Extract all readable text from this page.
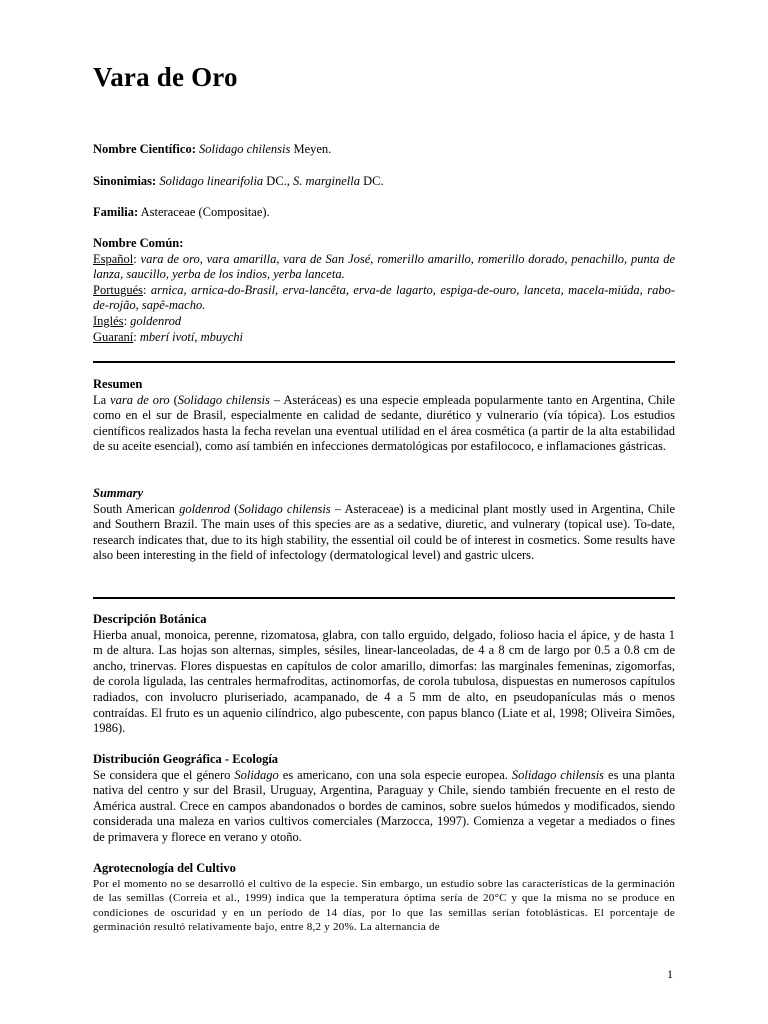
Vara de Oro

Nombre Científico: Solidago chilensis Meyen.

Sinonimias: Solidago linearifolia DC., S. marginella DC.

Familia: Asteraceae (Compositae).

Nombre Común:
Español: vara de oro, vara amarilla, vara de San José, romerillo amarillo, romerillo dorado, penachillo, punta de lanza, saucillo, yerba de los indios, yerba lanceta.
Portugués: arnica, arnica-do-Brasil, erva-lancêta, erva-de lagarto, espiga-de-ouro, lanceta, macela-miúda, rabo-de-rojão, sapê-macho.
Inglés: goldenrod
Guaraní: mberí ivotí, mbuychi
Resumen
La vara de oro (Solidago chilensis – Asteráceas) es una especie empleada popularmente tanto en Argentina, Chile como en el sur de Brasil, especialmente en calidad de sedante, diurético y vulnerario (vía tópica). Los estudios científicos realizados hasta la fecha revelan una eventual utilidad en el área cosmética (a partir de la alta estabilidad de su aceite esencial), como así también en infecciones dermatológicas por estafilococo, e inflamaciones gástricas.
Summary
South American goldenrod (Solidago chilensis – Asteraceae) is a medicinal plant mostly used in Argentina, Chile and Southern Brazil. The main uses of this species are as a sedative, diuretic, and vulnerary (topical use). To-date, research indicates that, due to its high stability, the essential oil could be of interest in cosmetics. Some results have also been interesting in the field of infectology (dermatological level) and gastric ulcers.
Descripción Botánica
Hierba anual, monoica, perenne, rizomatosa, glabra, con tallo erguido, delgado, folioso hacia el ápice, y de hasta 1 m de altura. Las hojas son alternas, simples, sésiles, linear-lanceoladas, de 4 a 8 cm de largo por 0.5 a 0.8 cm de ancho, trinervas. Flores dispuestas en capítulos de color amarillo, dimorfas: las marginales femeninas, zigomorfas, de corola ligulada, las centrales hermafroditas, actinomorfas, de corola tubulosa, dispuestas en numerosos capítulos radiados, con involucro pluriseriado, acampanado, de 4 a 5 mm de alto, en pseudopanículas más o menos contraídas. El fruto es un aquenio cilíndrico, algo pubescente, con papus blanco (Liate et al, 1998; Oliveira Simões, 1986).
Distribución Geográfica - Ecología
Se considera que el género Solidago es americano, con una sola especie europea. Solidago chilensis es una planta nativa del centro y sur del Brasil, Uruguay, Argentina, Paraguay y Chile, siendo también frecuente en el resto de América austral. Crece en campos abandonados o bordes de caminos, sobre suelos húmedos y modificados, siendo considerada una maleza en varios cultivos comerciales (Marzocca, 1997). Comienza a vegetar a mediados o fines de primavera y florece en verano y otoño.
Agrotecnología del Cultivo
Por el momento no se desarrolló el cultivo de la especie. Sin embargo, un estudio sobre las características de la germinación de las semillas (Correia et al., 1999) indica que la temperatura óptima sería de 20°C y que la misma no se produce en condiciones de oscuridad y en un período de 14 días, por lo que las semillas serían fotoblásticas. El porcentaje de germinación resultó relativamente bajo, entre 8,2 y 20%. La alternancia de
1
